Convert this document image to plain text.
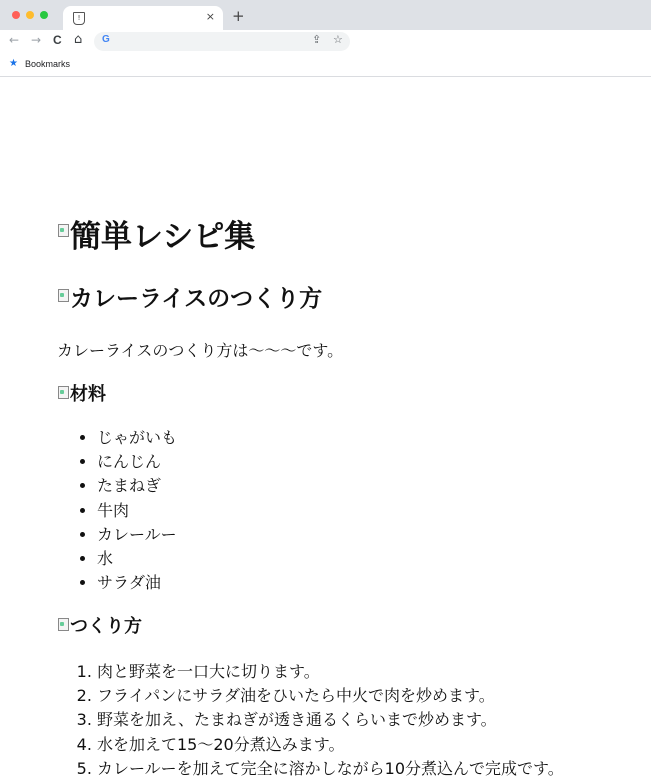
!	× +
← → C ⌂ G	⇪ ☆
★ Bookmarks
簡単レシピ集
カレーライスのつくり方

カレーライスのつくり方は〜〜〜です。

材料
• じゃがいも
• にんじん
• たまねぎ
• 牛肉
• カレールー
• 水
• サラダ油
つくり方
1. 肉と野菜を一口大に切ります。
2. フライパンにサラダ油をひいたら中火で肉を炒めます。
3. 野菜を加え、たまねぎが透き通るくらいまで炒めます。
4. 水を加えて15〜20分煮込みます。
5. カレールーを加えて完全に溶かしながら10分煮込んで完成です。
